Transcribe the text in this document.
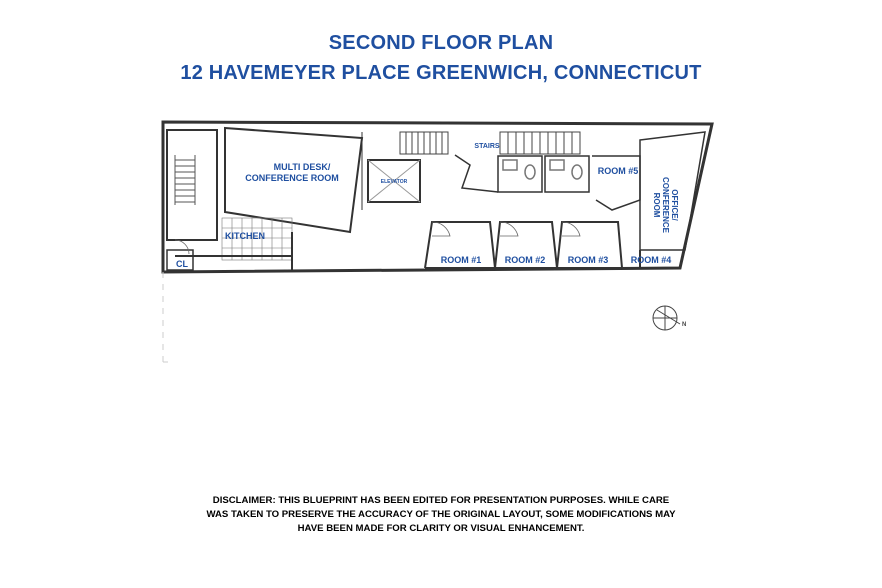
SECOND FLOOR PLAN
12 HAVEMEYER PLACE GREENWICH, CONNECTICUT
N
MULTI DESK/
CONFERENCE ROOM
KITCHEN
CL
ELEVATOR
STAIRS
ROOM #1	ROOM #2 ROOM #3 ROOM #4
ROOM #5
OFFICE/
CONFERENCE
ROOM

DISCLAIMER: THIS BLUEPRINT HAS BEEN EDITED FOR PRESENTATION PURPOSES. WHILE CARE
WAS TAKEN TO PRESERVE THE ACCURACY OF THE ORIGINAL LAYOUT, SOME MODIFICATIONS MAY
HAVE BEEN MADE FOR CLARITY OR VISUAL ENHANCEMENT.
